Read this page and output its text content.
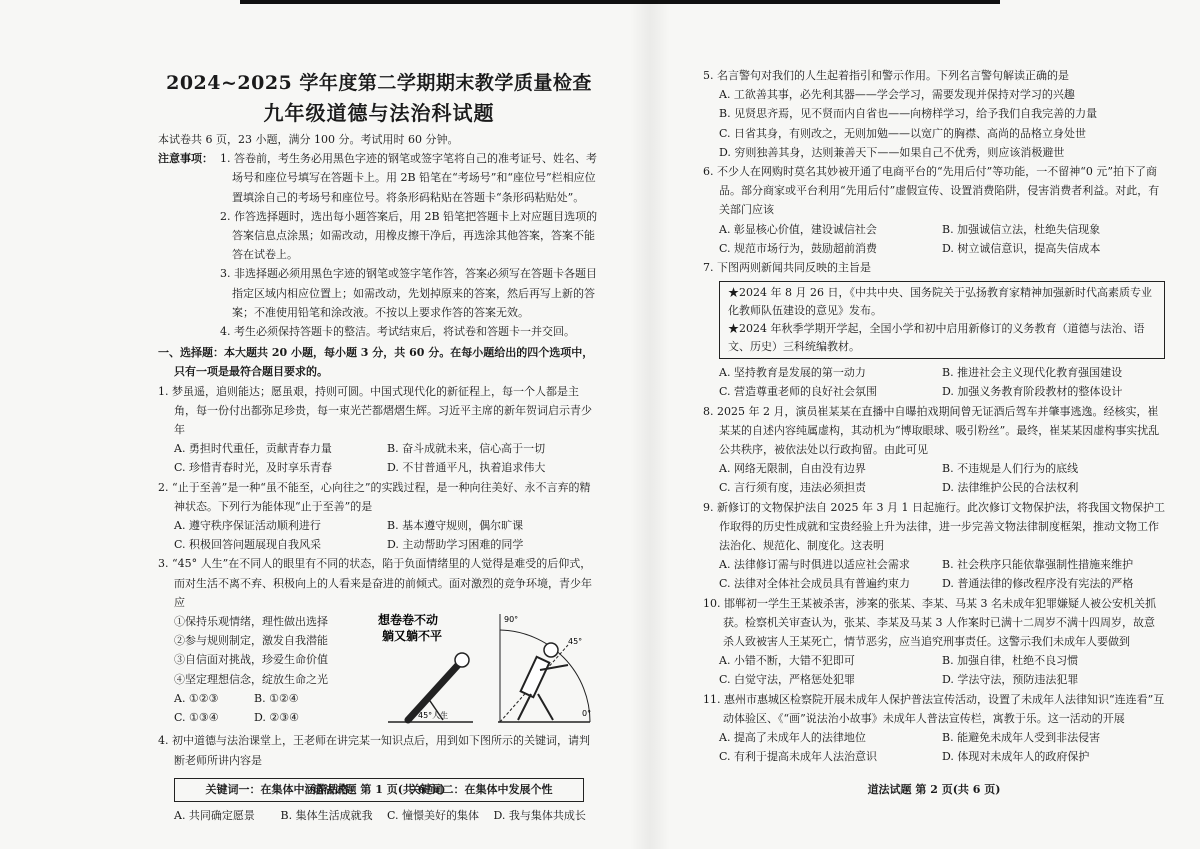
2024~2025 学年度第二学期期末教学质量检查
九年级道德与法治科试题

本试卷共 6 页，23 小题，满分 100 分。考试用时 60 分钟。

注意事项： 1. 答卷前，考生务必用黑色字迹的钢笔或签字笔将自己的准考证号、姓名、考场号和座位号填写在答题卡上。用 2B 铅笔在“考场号”和“座位号”栏相应位置填涂自己的考场号和座位号。将条形码粘贴在答题卡“条形码粘贴处”。
2. 作答选择题时，选出每小题答案后，用 2B 铅笔把答题卡上对应题目选项的答案信息点涂黑；如需改动，用橡皮擦干净后，再选涂其他答案，答案不能答在试卷上。
3. 非选择题必须用黑色字迹的钢笔或签字笔作答，答案必须写在答题卡各题目指定区域内相应位置上；如需改动，先划掉原来的答案，然后再写上新的答案；不准使用铅笔和涂改液。不按以上要求作答的答案无效。
4. 考生必须保持答题卡的整洁。考试结束后，将试卷和答题卡一并交回。

一、选择题：本大题共 20 小题，每小题 3 分，共 60 分。在每小题给出的四个选项中，只有一项是最符合题目要求的。

1. 梦虽遥，追则能达；愿虽艰，持则可圆。中国式现代化的新征程上，每一个人都是主角，每一份付出都弥足珍贵，每一束光芒都熠熠生辉。习近平主席的新年贺词启示青少年

A. 勇担时代重任，贡献青春力量	B. 奋斗成就未来，信心高于一切
C. 珍惜青春时光，及时享乐青春	D. 不甘普通平凡，执着追求伟大

2. “止于至善”是一种“虽不能至，心向往之”的实践过程，是一种向往美好、永不言弃的精神状态。下列行为能体现“止于至善”的是

A. 遵守秩序保证活动顺利进行	B. 基本遵守规则，偶尔旷课
C. 积极回答问题展现自我风采	D. 主动帮助学习困难的同学

3. “45° 人生”在不同人的眼里有不同的状态，陷于负面情绪里的人觉得是难受的后仰式，而对生活不离不弃、积极向上的人看来是奋进的前倾式。面对激烈的竞争环境，青少年应

①保持乐观情绪，理性做出选择
②参与规则制定，激发自我潜能
③自信面对挑战，珍爱生命价值
④坚定理想信念，绽放生命之光
A. ①②③	B. ①②④
C. ①③④	D. ②③④
想卷卷不动
躺又躺不平
45°人生
90°
45°
0°

4. 初中道德与法治课堂上，王老师在讲完某一知识点后，用到如下图所示的关键词，请判断老师所讲内容是

关键词一：在集体中涵养品格	关键词二：在集体中发展个性
A. 共同确定愿景	B. 集体生活成就我	C. 憧憬美好的集体	D. 我与集体共成长
道法试题 第 1 页(共 6 页)

5. 名言警句对我们的人生起着指引和警示作用。下列名言警句解读正确的是

A. 工欲善其事，必先利其器——学会学习，需要发现并保持对学习的兴趣
B. 见贤思齐焉，见不贤而内自省也——向榜样学习，给予我们自我完善的力量
C. 日省其身，有则改之，无则加勉——以宽广的胸襟、高尚的品格立身处世
D. 穷则独善其身，达则兼善天下——如果自己不优秀，则应该消极避世

6. 不少人在网购时莫名其妙被开通了电商平台的“先用后付”等功能，一不留神“0 元”拍下了商品。部分商家或平台利用“先用后付”虚假宣传、设置消费陷阱，侵害消费者利益。对此，有关部门应该

A. 彰显核心价值，建设诚信社会	B. 加强诚信立法，杜绝失信现象
C. 规范市场行为，鼓励超前消费	D. 树立诚信意识，提高失信成本

7. 下图两则新闻共同反映的主旨是

★2024 年 8 月 26 日，《中共中央、国务院关于弘扬教育家精神加强新时代高素质专业化教师队伍建设的意见》发布。
★2024 年秋季学期开学起，全国小学和初中启用新修订的义务教育（道德与法治、语文、历史）三科统编教材。
A. 坚持教育是发展的第一动力	B. 推进社会主义现代化教育强国建设
C. 营造尊重老师的良好社会氛围	D. 加强义务教育阶段教材的整体设计

8. 2025 年 2 月，演员崔某某在直播中自曝拍戏期间曾无证酒后驾车并肇事逃逸。经核实，崔某某的自述内容纯属虚构，其动机为“博取眼球、吸引粉丝”。最终，崔某某因虚构事实扰乱公共秩序，被依法处以行政拘留。由此可见

A. 网络无限制，自由没有边界	B. 不违规是人们行为的底线
C. 言行须有度，违法必须担责	D. 法律维护公民的合法权利

9. 新修订的文物保护法自 2025 年 3 月 1 日起施行。此次修订文物保护法，将我国文物保护工作取得的历史性成就和宝贵经验上升为法律，进一步完善文物法律制度框架，推动文物工作法治化、规范化、制度化。这表明

A. 法律修订需与时俱进以适应社会需求	B. 社会秩序只能依靠强制性措施来维护
C. 法律对全体社会成员具有普遍约束力	D. 普通法律的修改程序没有宪法的严格

10. 邯郸初一学生王某被杀害，涉案的张某、李某、马某 3 名未成年犯罪嫌疑人被公安机关抓获。检察机关审查认为，张某、李某及马某 3 人作案时已满十二周岁不满十四周岁，故意杀人致被害人王某死亡，情节恶劣，应当追究刑事责任。这警示我们未成年人要做到

A. 小错不断，大错不犯即可	B. 加强自律，杜绝不良习惯
C. 白觉守法，严格惩处犯罪	D. 学法守法，预防违法犯罪

11. 惠州市惠城区检察院开展未成年人保护普法宣传活动，设置了未成年人法律知识“连连看”互动体验区、《“画”说法治小故事》未成年人普法宣传栏，寓教于乐。这一活动的开展

A. 提高了未成年人的法律地位	B. 能避免未成年人受到非法侵害
C. 有利于提高未成年人法治意识	D. 体现对未成年人的政府保护
道法试题 第 2 页(共 6 页)
